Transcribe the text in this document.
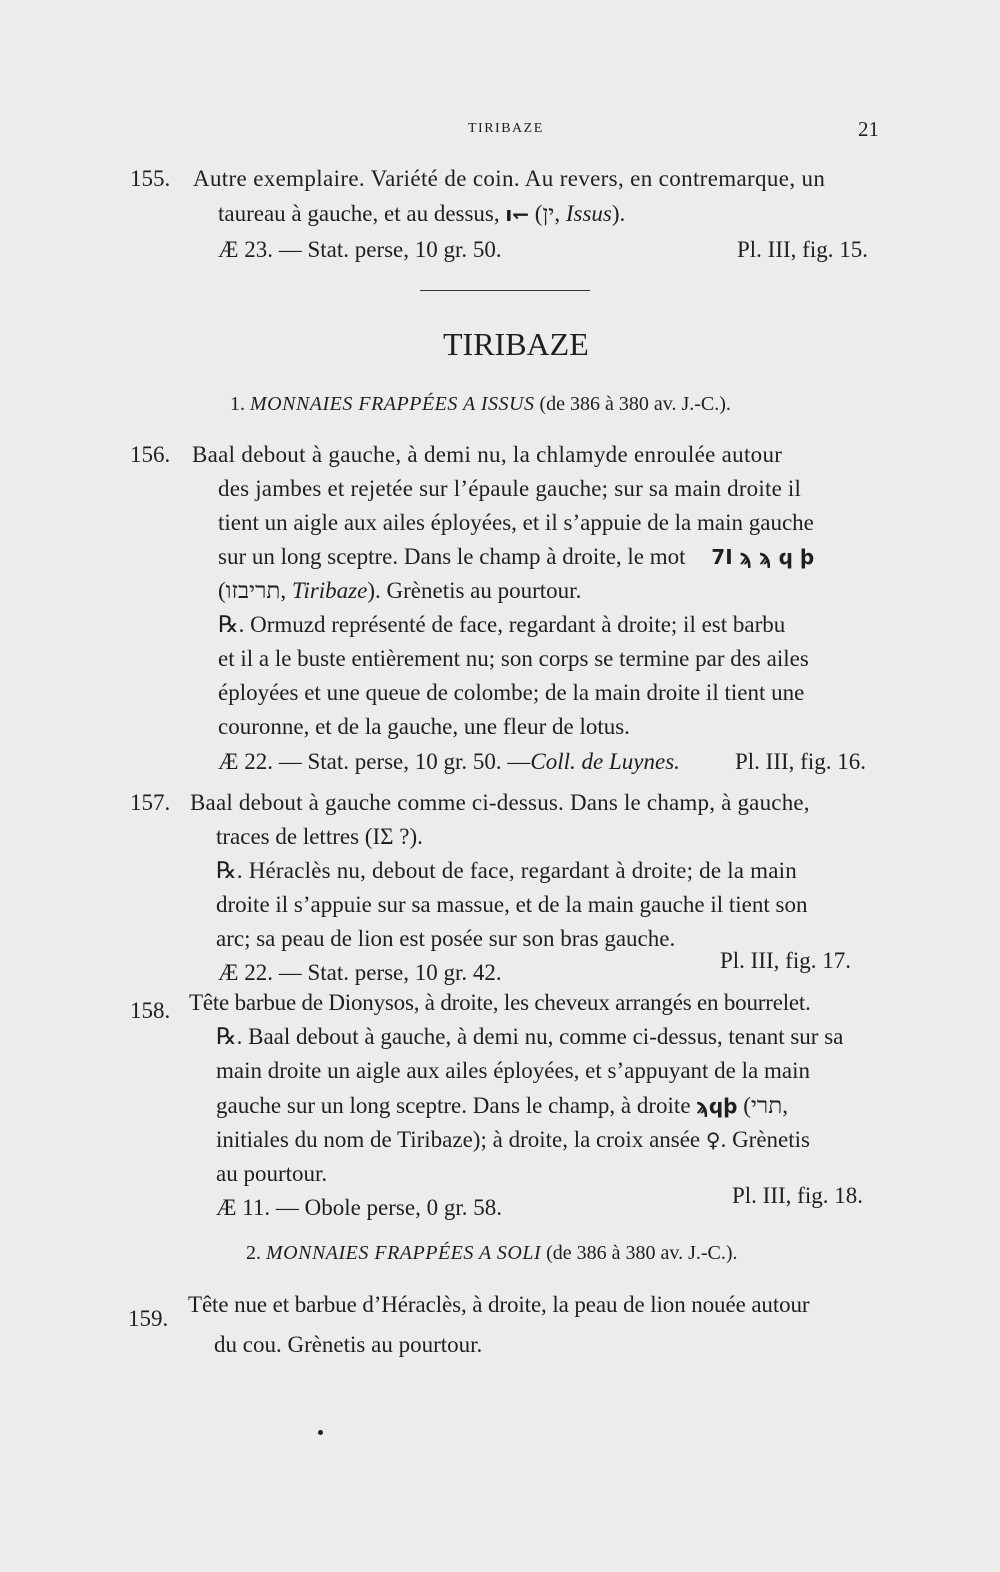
TIRIBAZE	21
155. Autre exemplaire. Variété de coin. Au revers, en contremarque, un
taureau à gauche, et au dessus, ı↽ (ין, Issus).
Æ 23. — Stat. perse, 10 gr. 50.	Pl. III, fig. 15.
TIRIBAZE
1. MONNAIES FRAPPÉES A ISSUS (de 386 à 380 av. J.-C.).
156. Baal debout à gauche, à demi nu, la chlamyde enroulée autour
des jambes et rejetée sur l’épaule gauche; sur sa main droite il
tient un aigle aux ailes éployées, et il s’appuie de la main gauche
sur un long sceptre. Dans le champ à droite, le mot 7I ϡ ϡ ϥ ϸ
(תריבזו, Tiribaze). Grènetis au pourtour.
℞. Ormuzd représenté de face, regardant à droite; il est barbu
et il a le buste entièrement nu; son corps se termine par des ailes
éployées et une queue de colombe; de la main droite il tient une
couronne, et de la gauche, une fleur de lotus.
Æ 22. — Stat. perse, 10 gr. 50. —Coll. de Luynes. Pl. III, fig. 16.
157. Baal debout à gauche comme ci-dessus. Dans le champ, à gauche,
traces de lettres (IΣ ?).
℞. Héraclès nu, debout de face, regardant à droite; de la main
droite il s’appuie sur sa massue, et de la main gauche il tient son
arc; sa peau de lion est posée sur son bras gauche.
Æ 22. — Stat. perse, 10 gr. 42.	Pl. III, fig. 17.
158. Tête barbue de Dionysos, à droite, les cheveux arrangés en bourrelet.
℞. Baal debout à gauche, à demi nu, comme ci-dessus, tenant sur sa
main droite un aigle aux ailes éployées, et s’appuyant de la main
gauche sur un long sceptre. Dans le champ, à droite ϡϥϸ (תרי,
initiales du nom de Tiribaze); à droite, la croix ansée ♀. Grènetis
au pourtour.
Æ 11. — Obole perse, 0 gr. 58.	Pl. III, fig. 18.
2. MONNAIES FRAPPÉES A SOLI (de 386 à 380 av. J.-C.).
159.
Tête nue et barbue d’Héraclès, à droite, la peau de lion nouée autour
du cou. Grènetis au pourtour.
